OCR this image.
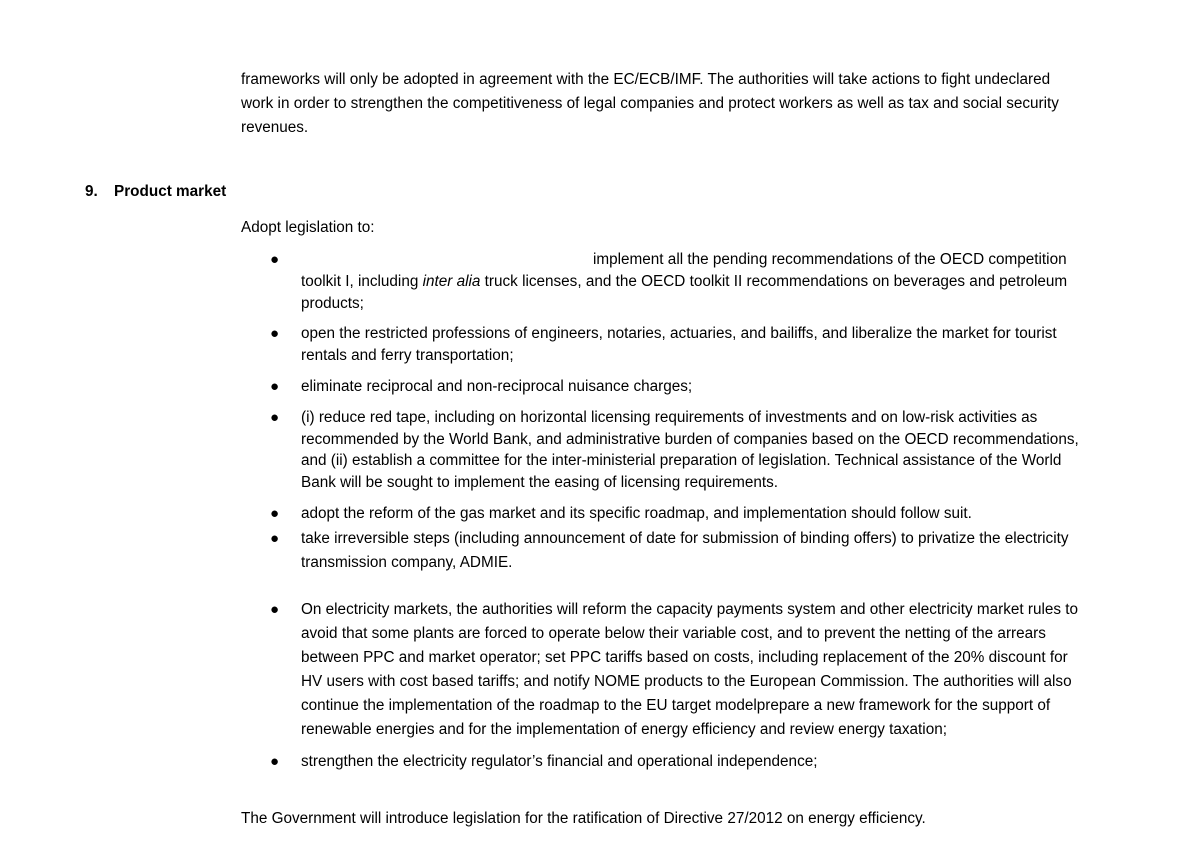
frameworks will only be adopted in agreement with the EC/ECB/IMF. The authorities will take actions to fight undeclared work in order to strengthen the competitiveness of legal companies and protect workers as well as tax and social security revenues.

9. Product market

Adopt legislation to:

●	implement all the pending recommendations of the OECD competition toolkit I, including inter alia truck licenses, and the OECD toolkit II recommendations on beverages and petroleum products;
● open the restricted professions of engineers, notaries, actuaries, and bailiffs, and liberalize the market for tourist rentals and ferry transportation;
● eliminate reciprocal and non-reciprocal nuisance charges;
● (i) reduce red tape, including on horizontal licensing requirements of investments and on low-risk activities as recommended by the World Bank, and administrative burden of companies based on the OECD recommendations, and (ii) establish a committee for the inter-ministerial preparation of legislation. Technical assistance of the World Bank will be sought to implement the easing of licensing requirements.
● adopt the reform of the gas market and its specific roadmap, and implementation should follow suit.
● take irreversible steps (including announcement of date for submission of binding offers) to privatize the electricity transmission company, ADMIE.
● On electricity markets, the authorities will reform the capacity payments system and other electricity market rules to avoid that some plants are forced to operate below their variable cost, and to prevent the netting of the arrears between PPC and market operator; set PPC tariffs based on costs, including replacement of the 20% discount for HV users with cost based tariffs; and notify NOME products to the European Commission. The authorities will also continue the implementation of the roadmap to the EU target modelprepare a new framework for the support of renewable energies and for the implementation of energy efficiency and review energy taxation;
● strengthen the electricity regulator’s financial and operational independence;

The Government will introduce legislation for the ratification of Directive 27/2012 on energy efficiency.
